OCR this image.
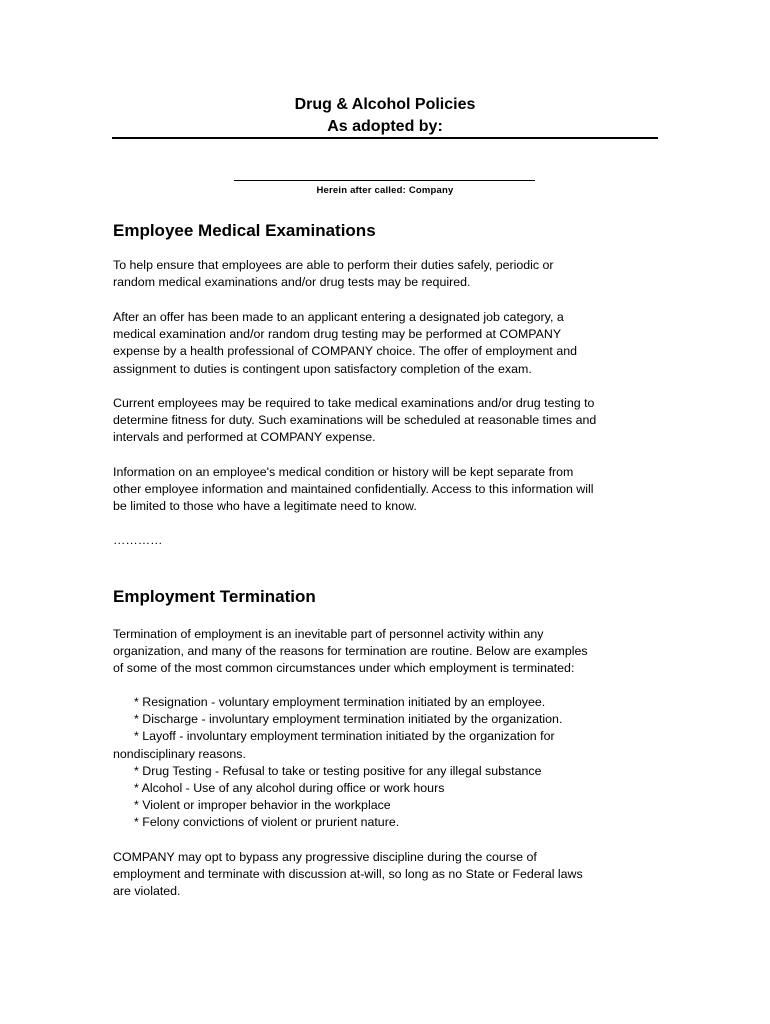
Drug & Alcohol Policies
As adopted by:
Herein after called: Company
Employee Medical Examinations
To help ensure that employees are able to perform their duties safely, periodic or
random medical examinations and/or drug tests may be required.
After an offer has been made to an applicant entering a designated job category, a
medical examination and/or random drug testing may be performed at COMPANY
expense by a health professional of COMPANY choice. The offer of employment and
assignment to duties is contingent upon satisfactory completion of the exam.
Current employees may be required to take medical examinations and/or drug testing to
determine fitness for duty. Such examinations will be scheduled at reasonable times and
intervals and performed at COMPANY expense.
Information on an employee's medical condition or history will be kept separate from
other employee information and maintained confidentially. Access to this information will
be limited to those who have a legitimate need to know.
…………
Employment Termination
Termination of employment is an inevitable part of personnel activity within any
organization, and many of the reasons for termination are routine. Below are examples
of some of the most common circumstances under which employment is terminated:
* Resignation - voluntary employment termination initiated by an employee.
* Discharge - involuntary employment termination initiated by the organization.
* Layoff - involuntary employment termination initiated by the organization for
nondisciplinary reasons.
* Drug Testing - Refusal to take or testing positive for any illegal substance
* Alcohol - Use of any alcohol during office or work hours
* Violent or improper behavior in the workplace
* Felony convictions of violent or prurient nature.
COMPANY may opt to bypass any progressive discipline during the course of
employment and terminate with discussion at-will, so long as no State or Federal laws
are violated.
